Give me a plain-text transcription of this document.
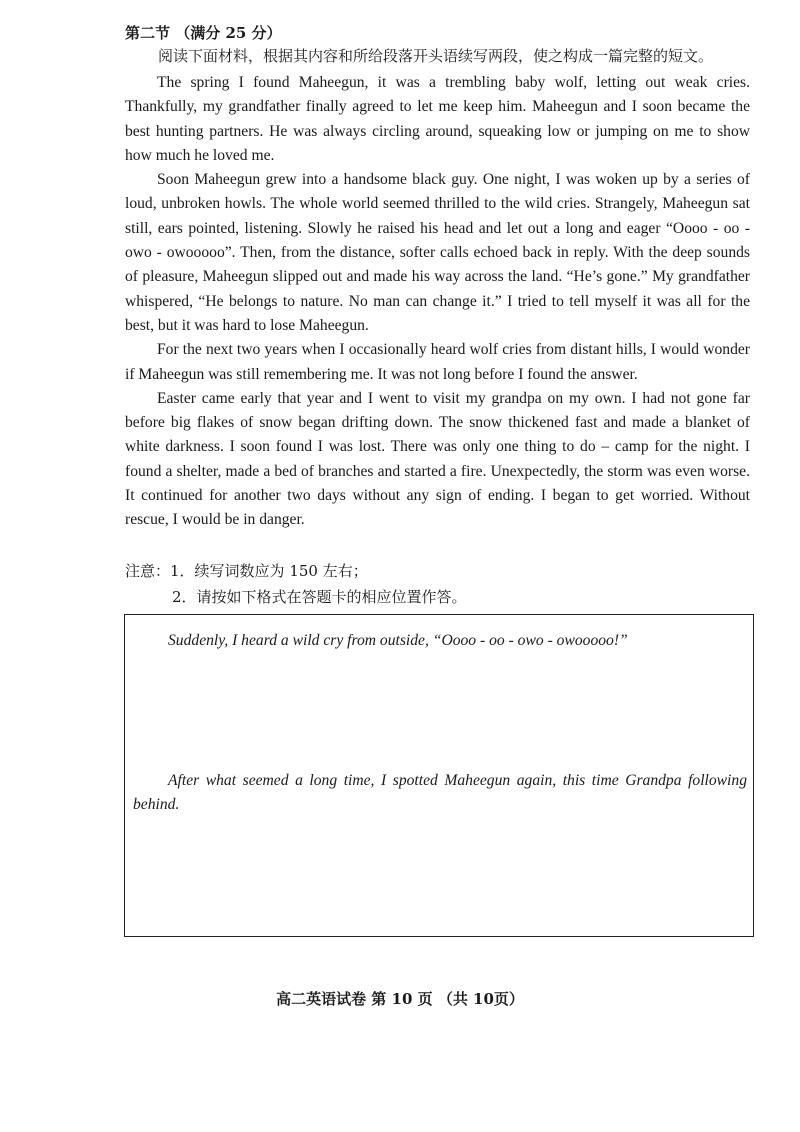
第二节 （满分 25 分）
阅读下面材料，根据其内容和所给段落开头语续写两段，使之构成一篇完整的短文。

The spring I found Maheegun, it was a trembling baby wolf, letting out weak cries. Thankfully, my grandfather finally agreed to let me keep him. Maheegun and I soon became the best hunting partners. He was always circling around, squeaking low or jumping on me to show how much he loved me.

Soon Maheegun grew into a handsome black guy. One night, I was woken up by a series of loud, unbroken howls. The whole world seemed thrilled to the wild cries. Strangely, Maheegun sat still, ears pointed, listening. Slowly he raised his head and let out a long and eager “Oooo - oo - owo - owooooo”. Then, from the distance, softer calls echoed back in reply. With the deep sounds of pleasure, Maheegun slipped out and made his way across the land. “He’s gone.” My grandfather whispered, “He belongs to nature. No man can change it.” I tried to tell myself it was all for the best, but it was hard to lose Maheegun.

For the next two years when I occasionally heard wolf cries from distant hills, I would wonder if Maheegun was still remembering me. It was not long before I found the answer.

Easter came early that year and I went to visit my grandpa on my own. I had not gone far before big flakes of snow began drifting down. The snow thickened fast and made a blanket of white darkness. I soon found I was lost. There was only one thing to do – camp for the night. I found a shelter, made a bed of branches and started a fire. Unexpectedly, the storm was even worse. It continued for another two days without any sign of ending. I began to get worried. Without rescue, I would be in danger.

注意：1．续写词数应为 150 左右；
2．请按如下格式在答题卡的相应位置作答。
Suddenly, I heard a wild cry from outside, “Oooo - oo - owo - owooooo!”
After what seemed a long time, I spotted Maheegun again, this time Grandpa following behind.
高二英语试卷 第 10 页 （共 10页）
